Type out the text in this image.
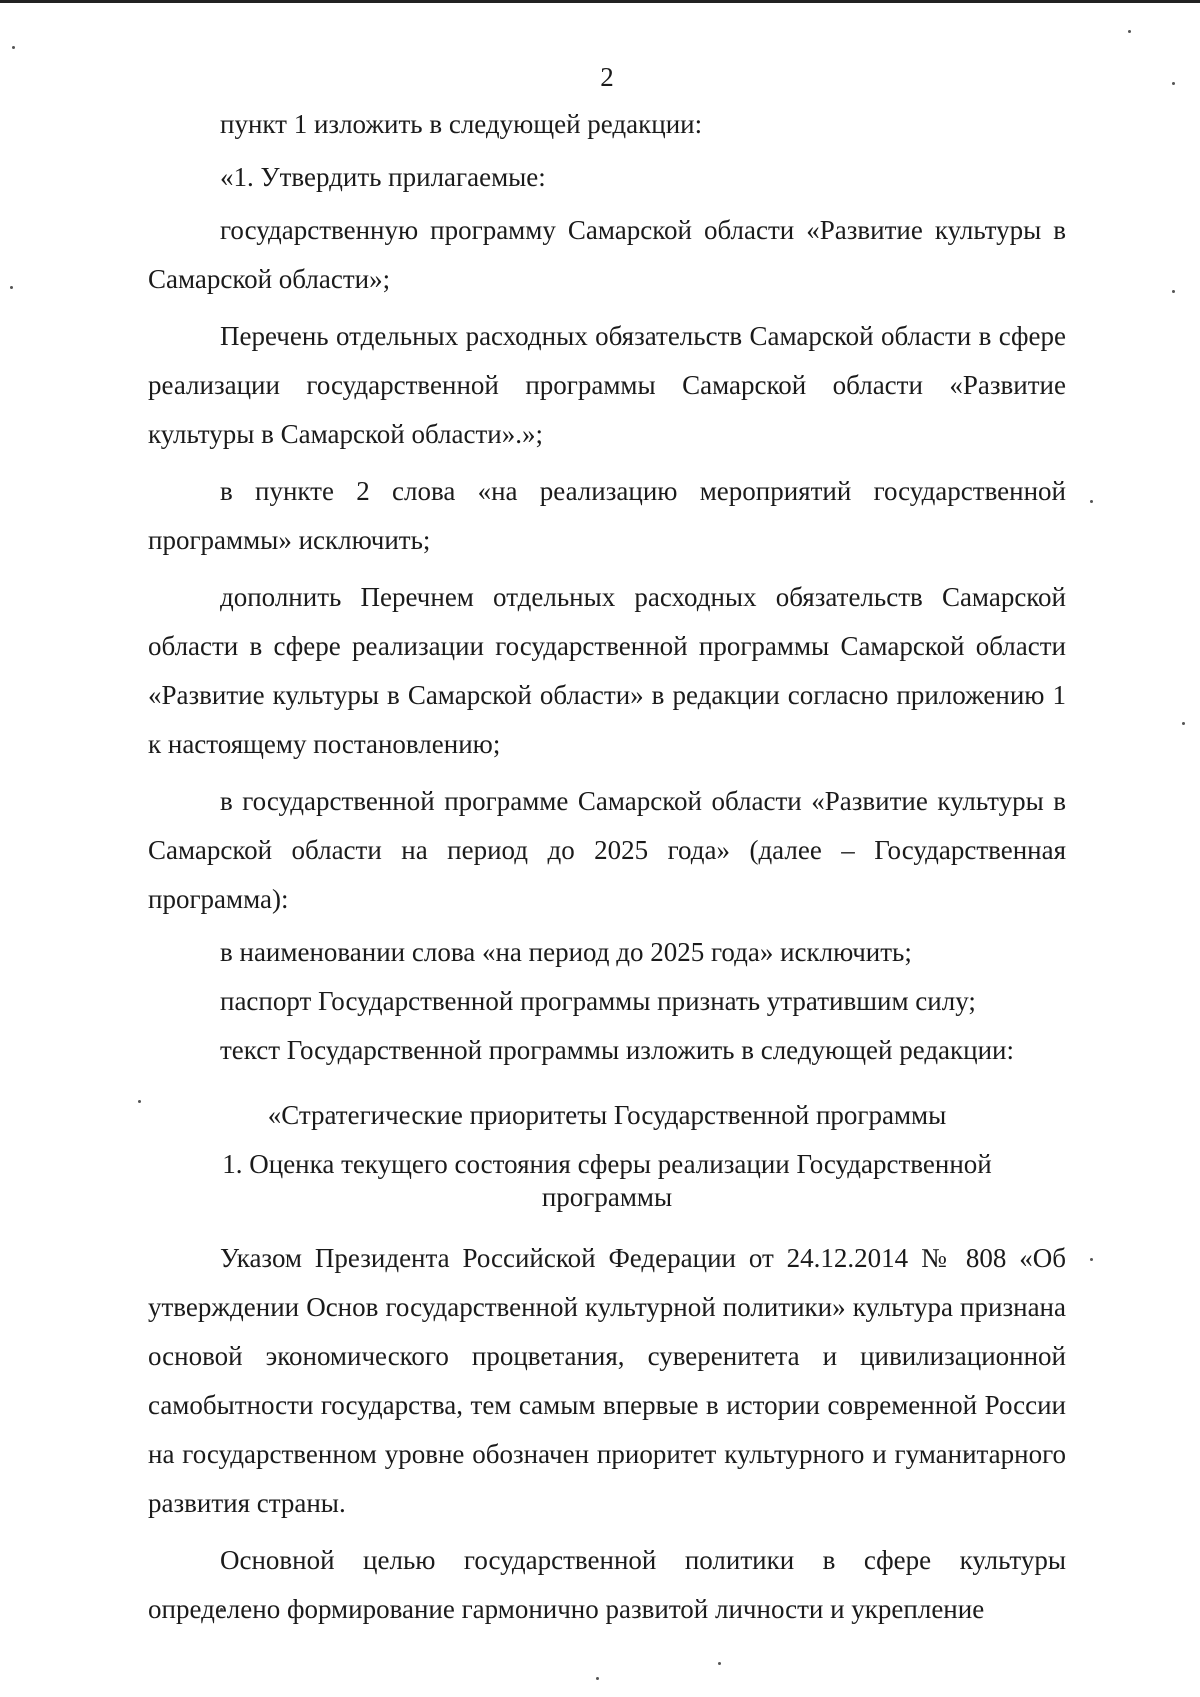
2

пункт 1 изложить в следующей редакции:

«1. Утвердить прилагаемые:

государственную программу Самарской области «Развитие культуры в Самарской области»;

Перечень отдельных расходных обязательств Самарской области в сфере реализации государственной программы Самарской области «Развитие культуры в Самарской области».»;

в пункте 2 слова «на реализацию мероприятий государственной программы» исключить;

дополнить Перечнем отдельных расходных обязательств Самарской области в сфере реализации государственной программы Самарской области «Развитие культуры в Самарской области» в редакции согласно приложению 1 к настоящему постановлению;

в государственной программе Самарской области «Развитие культуры в Самарской области на период до 2025 года» (далее – Государственная программа):

в наименовании слова «на период до 2025 года» исключить;

паспорт Государственной программы признать утратившим силу;

текст Государственной программы изложить в следующей редакции:

«Стратегические приоритеты Государственной программы

1. Оценка текущего состояния сферы реализации Государственной программы

Указом Президента Российской Федерации от 24.12.2014 № 808 «Об утверждении Основ государственной культурной политики» культура признана основой экономического процветания, суверенитета и цивилизационной самобытности государства, тем самым впервые в истории современной России на государственном уровне обозначен приоритет культурного и гуманитарного развития страны.

Основной целью государственной политики в сфере культуры определено формирование гармонично развитой личности и укрепление
